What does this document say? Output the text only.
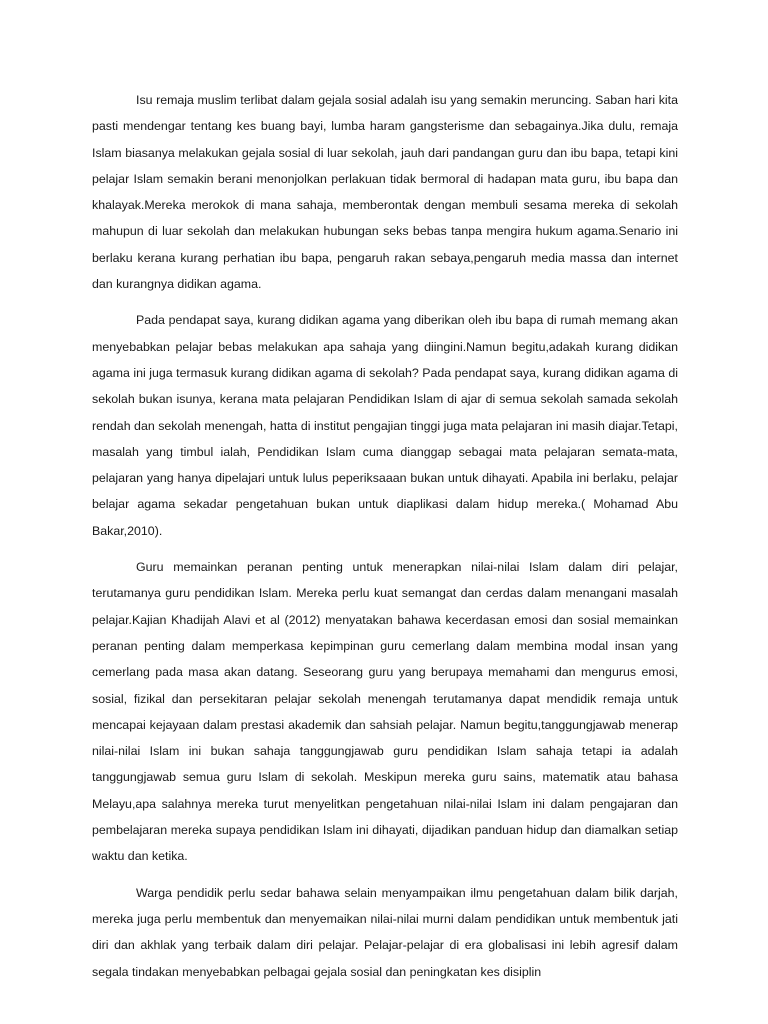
Isu remaja muslim terlibat dalam gejala sosial adalah isu yang semakin meruncing. Saban hari kita pasti mendengar tentang kes buang bayi, lumba haram gangsterisme dan sebagainya.Jika dulu, remaja Islam biasanya melakukan gejala sosial di luar sekolah, jauh dari pandangan guru dan ibu bapa, tetapi kini pelajar Islam semakin berani menonjolkan perlakuan tidak bermoral di hadapan mata guru, ibu bapa dan khalayak.Mereka merokok di mana sahaja, memberontak dengan membuli sesama mereka di sekolah mahupun di luar sekolah dan melakukan hubungan seks bebas tanpa mengira hukum agama.Senario ini berlaku kerana kurang perhatian ibu bapa, pengaruh rakan sebaya,pengaruh media massa dan internet dan kurangnya didikan agama.

Pada pendapat saya, kurang didikan agama yang diberikan oleh ibu bapa di rumah memang akan menyebabkan pelajar bebas melakukan apa sahaja yang diingini.Namun begitu,adakah kurang didikan agama ini juga termasuk kurang didikan agama di sekolah? Pada pendapat saya, kurang didikan agama di sekolah bukan isunya, kerana mata pelajaran Pendidikan Islam di ajar di semua sekolah samada sekolah rendah dan sekolah menengah, hatta di institut pengajian tinggi juga mata pelajaran ini masih diajar.Tetapi, masalah yang timbul ialah, Pendidikan Islam cuma dianggap sebagai mata pelajaran semata-mata, pelajaran yang hanya dipelajari untuk lulus peperiksaaan bukan untuk dihayati. Apabila ini berlaku, pelajar belajar agama sekadar pengetahuan bukan untuk diaplikasi dalam hidup mereka.( Mohamad Abu Bakar,2010).

Guru memainkan peranan penting untuk menerapkan nilai-nilai Islam dalam diri pelajar, terutamanya guru pendidikan Islam. Mereka perlu kuat semangat dan cerdas dalam menangani masalah pelajar.Kajian Khadijah Alavi et al (2012) menyatakan bahawa kecerdasan emosi dan sosial memainkan peranan penting dalam memperkasa kepimpinan guru cemerlang dalam membina modal insan yang cemerlang pada masa akan datang. Seseorang guru yang berupaya memahami dan mengurus emosi, sosial, fizikal dan persekitaran pelajar sekolah menengah terutamanya dapat mendidik remaja untuk mencapai kejayaan dalam prestasi akademik dan sahsiah pelajar. Namun begitu,tanggungjawab menerap nilai-nilai Islam ini bukan sahaja tanggungjawab guru pendidikan Islam sahaja tetapi ia adalah tanggungjawab semua guru Islam di sekolah. Meskipun mereka guru sains, matematik atau bahasa Melayu,apa salahnya mereka turut menyelitkan pengetahuan nilai-nilai Islam ini dalam pengajaran dan pembelajaran mereka supaya pendidikan Islam ini dihayati, dijadikan panduan hidup dan diamalkan setiap waktu dan ketika.

Warga pendidik perlu sedar bahawa selain menyampaikan ilmu pengetahuan dalam bilik darjah, mereka juga perlu membentuk dan menyemaikan nilai-nilai murni dalam pendidikan untuk membentuk jati diri dan akhlak yang terbaik dalam diri pelajar. Pelajar-pelajar di era globalisasi ini lebih agresif dalam segala tindakan menyebabkan pelbagai gejala sosial dan peningkatan kes disiplin
